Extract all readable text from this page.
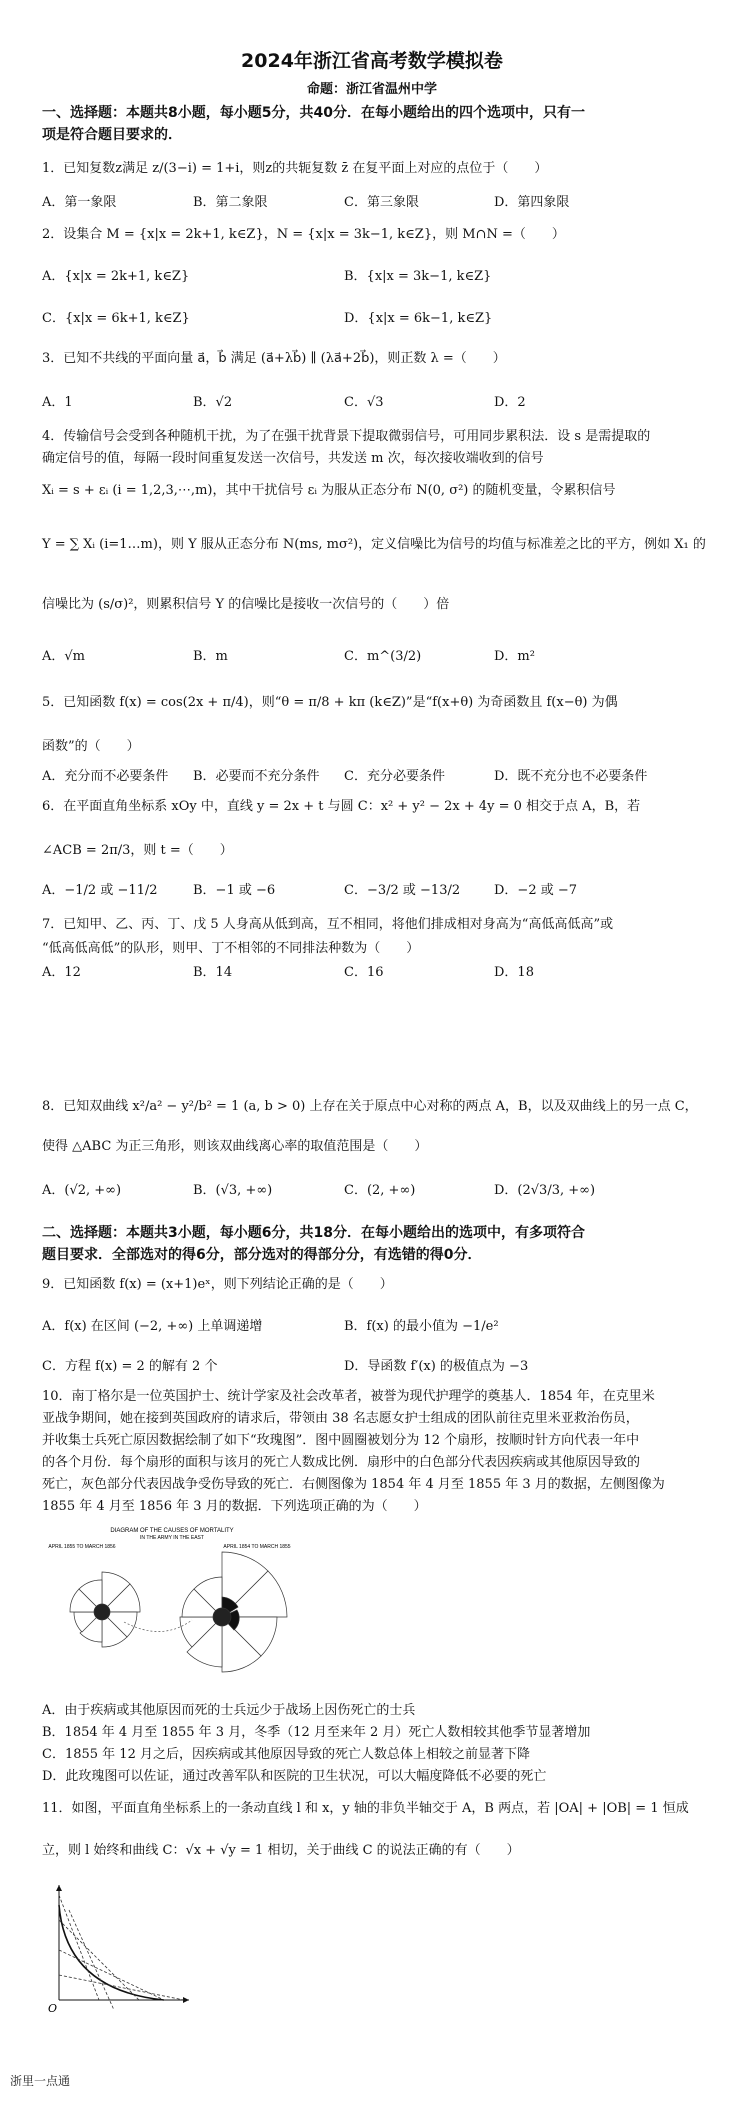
2024年浙江省高考数学模拟卷
命题：浙江省温州中学
一、选择题：本题共8小题，每小题5分，共40分．在每小题给出的四个选项中，只有一
项是符合题目要求的．
1．已知复数z满足 z/(3−i) = 1+i，则z的共轭复数 z̄ 在复平面上对应的点位于（　　）
A．第一象限	B．第二象限	C．第三象限	D．第四象限
2．设集合 M = {x|x = 2k+1, k∈Z}，N = {x|x = 3k−1, k∈Z}，则 M∩N =（　　）
A．{x|x = 2k+1, k∈Z}	B．{x|x = 3k−1, k∈Z}
C．{x|x = 6k+1, k∈Z}	D．{x|x = 6k−1, k∈Z}
3．已知不共线的平面向量 a⃗，b⃗ 满足 (a⃗+λb⃗) ∥ (λa⃗+2b⃗)，则正数 λ =（　　）
A．1	B．√2	C．√3	D．2
4．传输信号会受到各种随机干扰，为了在强干扰背景下提取微弱信号，可用同步累积法．设 s 是需提取的
确定信号的值，每隔一段时间重复发送一次信号，共发送 m 次，每次接收端收到的信号
Xᵢ = s + εᵢ (i = 1,2,3,⋯,m)，其中干扰信号 εᵢ 为服从正态分布 N(0, σ²) 的随机变量，令累积信号
Y = ∑ Xᵢ (i=1…m)，则 Y 服从正态分布 N(ms, mσ²)，定义信噪比为信号的均值与标准差之比的平方，例如 X₁ 的
信噪比为 (s/σ)²，则累积信号 Y 的信噪比是接收一次信号的（　　）倍
A．√m	B．m	C．m^(3/2)	D．m²
5．已知函数 f(x) = cos(2x + π/4)，则“θ = π/8 + kπ (k∈Z)”是“f(x+θ) 为奇函数且 f(x−θ) 为偶
函数”的（　　）
A．充分而不必要条件 B．必要而不充分条件 C．充分必要条件	D．既不充分也不必要条件
6．在平面直角坐标系 xOy 中，直线 y = 2x + t 与圆 C：x² + y² − 2x + 4y = 0 相交于点 A，B，若
∠ACB = 2π/3，则 t =（　　）
A．−1/2 或 −11/2	B．−1 或 −6	C．−3/2 或 −13/2	D．−2 或 −7
7．已知甲、乙、丙、丁、戊 5 人身高从低到高，互不相同，将他们排成相对身高为“高低高低高”或
“低高低高低”的队形，则甲、丁不相邻的不同排法种数为（　　）
A．12	B．14	C．16	D．18
8．已知双曲线 x²/a² − y²/b² = 1 (a, b > 0) 上存在关于原点中心对称的两点 A，B，以及双曲线上的另一点 C，
使得 △ABC 为正三角形，则该双曲线离心率的取值范围是（　　）
A．(√2, +∞)	B．(√3, +∞)	C．(2, +∞)	D．(2√3/3, +∞)
二、选择题：本题共3小题，每小题6分，共18分．在每小题给出的选项中，有多项符合
题目要求．全部选对的得6分，部分选对的得部分分，有选错的得0分．
9．已知函数 f(x) = (x+1)eˣ，则下列结论正确的是（　　）
A．f(x) 在区间 (−2, +∞) 上单调递增	B．f(x) 的最小值为 −1/e²
C．方程 f(x) = 2 的解有 2 个	D．导函数 f′(x) 的极值点为 −3
10．南丁格尔是一位英国护士、统计学家及社会改革者，被誉为现代护理学的奠基人．1854 年，在克里米
亚战争期间，她在接到英国政府的请求后，带领由 38 名志愿女护士组成的团队前往克里米亚救治伤员，
并收集士兵死亡原因数据绘制了如下“玫瑰图”．图中圆圈被划分为 12 个扇形，按顺时针方向代表一年中
的各个月份．每个扇形的面积与该月的死亡人数成比例．扇形中的白色部分代表因疾病或其他原因导致的
死亡，灰色部分代表因战争受伤导致的死亡．右侧图像为 1854 年 4 月至 1855 年 3 月的数据，左侧图像为
1855 年 4 月至 1856 年 3 月的数据．下列选项正确的为（　　）
DIAGRAM OF THE CAUSES OF MORTALITY
IN THE ARMY IN THE EAST
APRIL 1855 TO MARCH 1856	APRIL 1854 TO MARCH 1855
A．由于疾病或其他原因而死的士兵远少于战场上因伤死亡的士兵
B．1854 年 4 月至 1855 年 3 月，冬季（12 月至来年 2 月）死亡人数相较其他季节显著增加
C．1855 年 12 月之后，因疾病或其他原因导致的死亡人数总体上相较之前显著下降
D．此玫瑰图可以佐证，通过改善军队和医院的卫生状况，可以大幅度降低不必要的死亡
11．如图，平面直角坐标系上的一条动直线 l 和 x，y 轴的非负半轴交于 A，B 两点，若 |OA| + |OB| = 1 恒成
立，则 l 始终和曲线 C：√x + √y = 1 相切，关于曲线 C 的说法正确的有（　　）
O
浙里一点通
